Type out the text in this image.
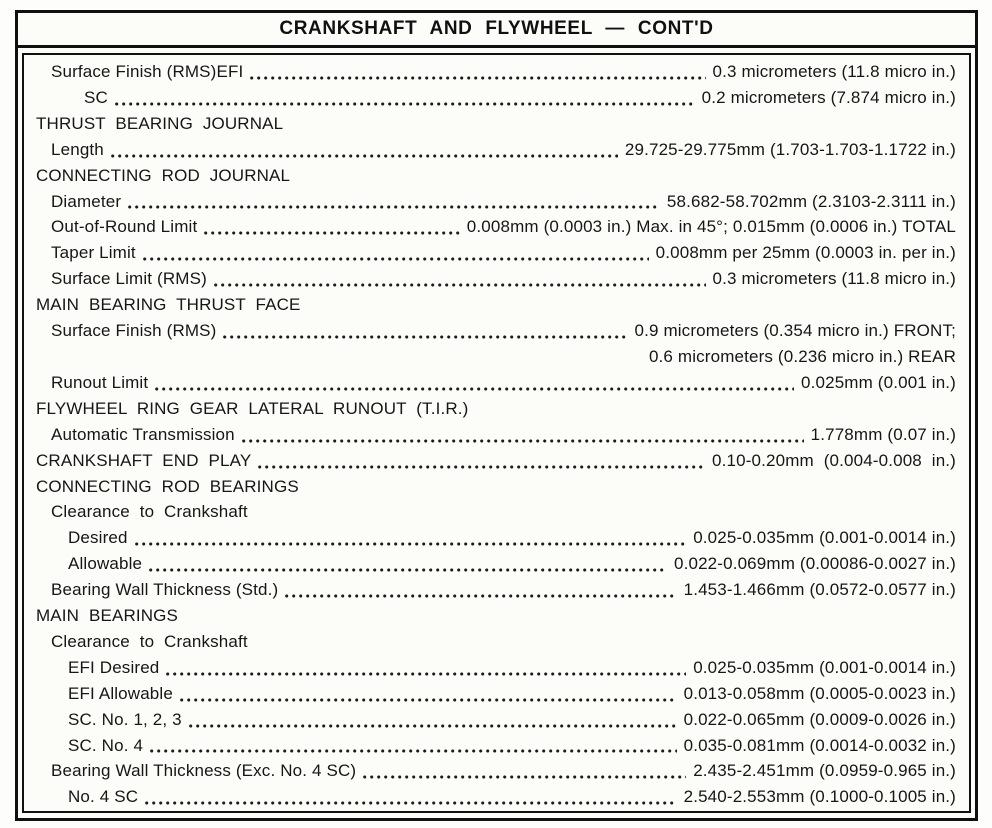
CRANKSHAFT AND FLYWHEEL — CONT'D
Surface Finish (RMS)EFI	0.3 micrometers (11.8 micro in.)
SC	0.2 micrometers (7.874 micro in.)
THRUST BEARING JOURNAL
Length	29.725-29.775mm (1.703-1.703-1.1722 in.)
CONNECTING ROD JOURNAL
Diameter	58.682-58.702mm (2.3103-2.3111 in.)
Out-of-Round Limit	0.008mm (0.0003 in.) Max. in 45°; 0.015mm (0.0006 in.) TOTAL
Taper Limit	0.008mm per 25mm (0.0003 in. per in.)
Surface Limit (RMS)	0.3 micrometers (11.8 micro in.)
MAIN BEARING THRUST FACE
Surface Finish (RMS)	0.9 micrometers (0.354 micro in.) FRONT;
0.6 micrometers (0.236 micro in.) REAR
Runout Limit	0.025mm (0.001 in.)
FLYWHEEL RING GEAR LATERAL RUNOUT (T.I.R.)
Automatic Transmission	1.778mm (0.07 in.)
CRANKSHAFT END PLAY	0.10-0.20mm (0.004-0.008 in.)
CONNECTING ROD BEARINGS
Clearance to Crankshaft
Desired	0.025-0.035mm (0.001-0.0014 in.)
Allowable	0.022-0.069mm (0.00086-0.0027 in.)
Bearing Wall Thickness (Std.)	1.453-1.466mm (0.0572-0.0577 in.)
MAIN BEARINGS
Clearance to Crankshaft
EFI Desired	0.025-0.035mm (0.001-0.0014 in.)
EFI Allowable	0.013-0.058mm (0.0005-0.0023 in.)
SC. No. 1, 2, 3	0.022-0.065mm (0.0009-0.0026 in.)
SC. No. 4	0.035-0.081mm (0.0014-0.0032 in.)
Bearing Wall Thickness (Exc. No. 4 SC)	2.435-2.451mm (0.0959-0.965 in.)
No. 4 SC	2.540-2.553mm (0.1000-0.1005 in.)
